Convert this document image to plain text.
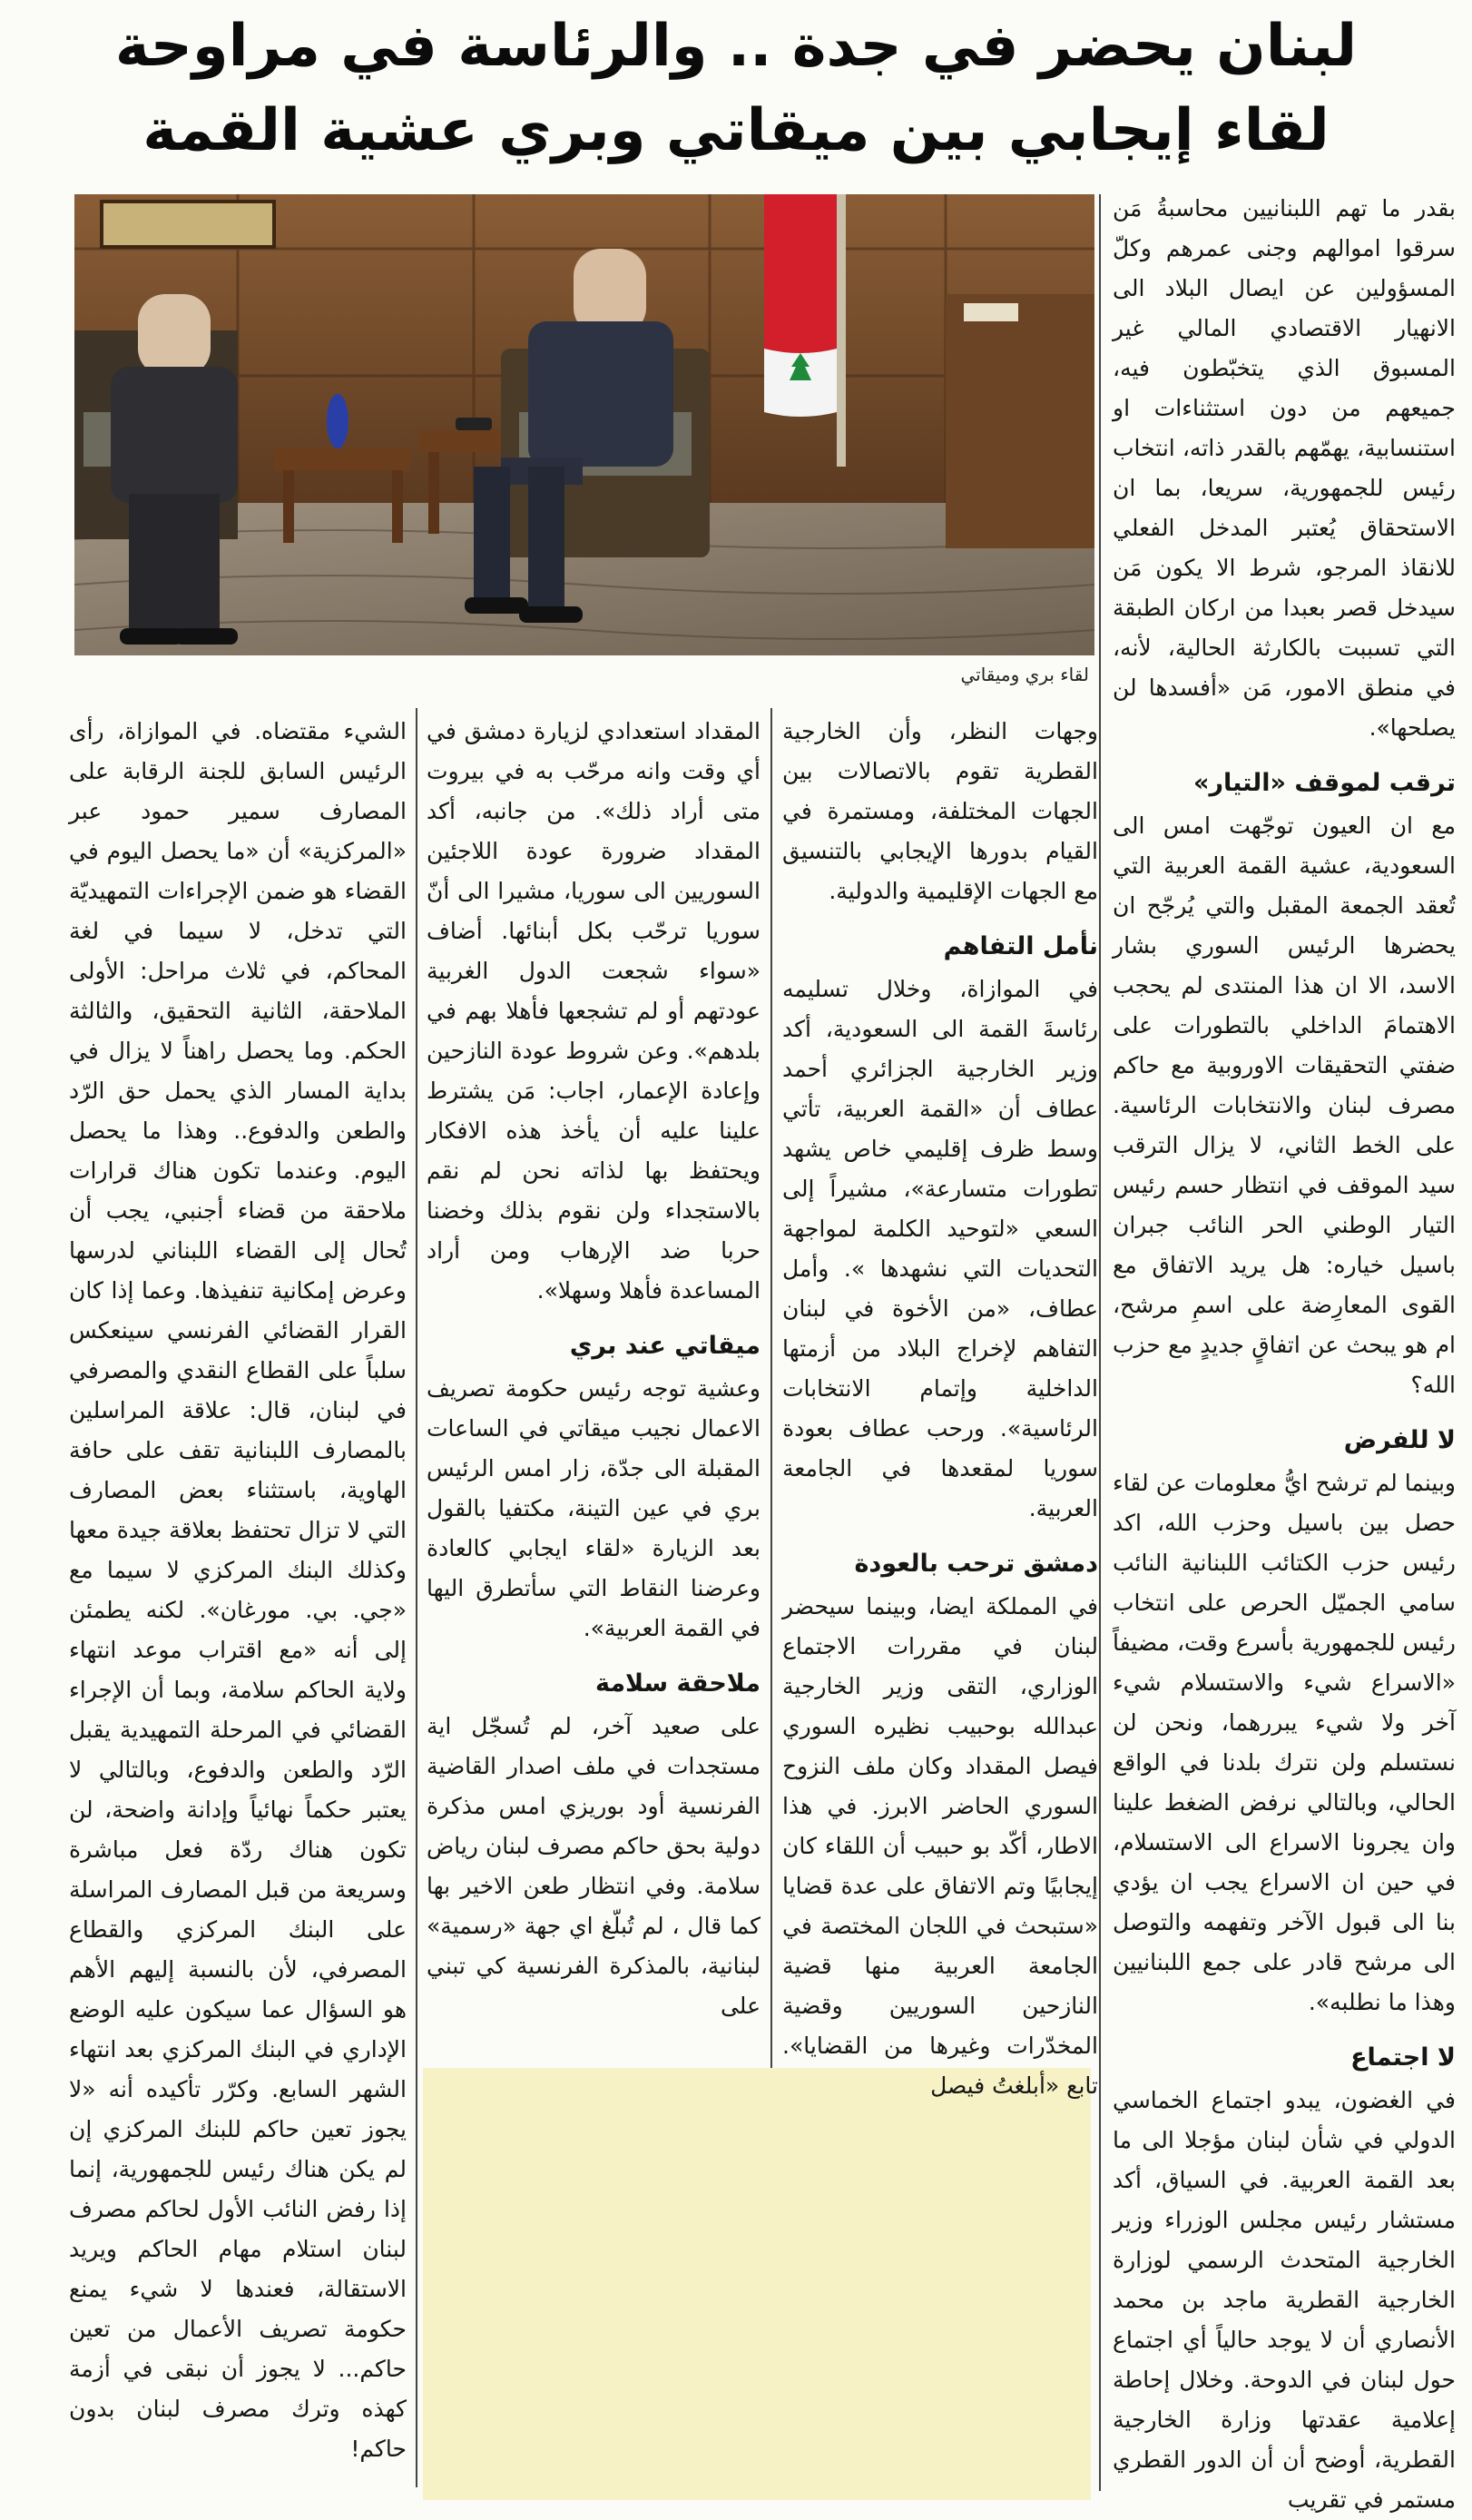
لبنان يحضر في جدة .. والرئاسة في مراوحة
لقاء إيجابي بين ميقاتي وبري عشية القمة
لقاء بري وميقاتي

بقدر ما تهم اللبنانيين محاسبةُ مَن سرقوا اموالهم وجنى عمرهم وكلّ المسؤولين عن ايصال البلاد الى الانهيار الاقتصادي المالي غير المسبوق الذي يتخبّطون فيه، جميعهم من دون استثناءات او استنسابية، يهمّهم بالقدر ذاته، انتخاب رئيس للجمهورية، سريعا، بما ان الاستحقاق يُعتبر المدخل الفعلي للانقاذ المرجو، شرط الا يكون مَن سيدخل قصر بعبدا من اركان الطبقة التي تسببت بالكارثة الحالية، لأنه، في منطق الامور، مَن «أفسدها لن يصلحها».

ترقب لموقف «التيار»

مع ان العيون توجّهت امس الى السعودية، عشية القمة العربية التي تُعقد الجمعة المقبل والتي يُرجّح ان يحضرها الرئيس السوري بشار الاسد، الا ان هذا المنتدى لم يحجب الاهتمامَ الداخلي بالتطورات على ضفتي التحقيقات الاوروبية مع حاكم مصرف لبنان والانتخابات الرئاسية. على الخط الثاني، لا يزال الترقب سيد الموقف في انتظار حسم رئيس التيار الوطني الحر النائب جبران باسيل خياره: هل يريد الاتفاق مع القوى المعارِضة على اسمِ مرشح، ام هو يبحث عن اتفاقٍ جديدٍ مع حزب الله؟

لا للفرض

وبينما لم ترشح ايُّ معلومات عن لقاء حصل بين باسيل وحزب الله، اكد رئيس حزب الكتائب اللبنانية النائب سامي الجميّل الحرص على انتخاب رئيس للجمهورية بأسرع وقت، مضيفاً «الاسراع شيء والاستسلام شيء آخر ولا شيء يبررهما، ونحن لن نستسلم ولن نترك بلدنا في الواقع الحالي، وبالتالي نرفض الضغط علينا وان يجرونا الاسراع الى الاستسلام، في حين ان الاسراع يجب ان يؤدي بنا الى قبول الآخر وتفهمه والتوصل الى مرشح قادر على جمع اللبنانيين وهذا ما نطلبه».

لا اجتماع

في الغضون، يبدو اجتماع الخماسي الدولي في شأن لبنان مؤجلا الى ما بعد القمة العربية. في السياق، أكد مستشار رئيس مجلس الوزراء وزير الخارجية المتحدث الرسمي لوزارة الخارجية القطرية ماجد بن محمد الأنصاري أن لا يوجد حالياً أي اجتماع حول لبنان في الدوحة. وخلال إحاطة إعلامية عقدتها وزارة الخارجية القطرية، أوضح أن أن الدور القطري مستمر في تقريب

وجهات النظر، وأن الخارجية القطرية تقوم بالاتصالات بين الجهات المختلفة، ومستمرة في القيام بدورها الإيجابي بالتنسيق مع الجهات الإقليمية والدولية.

نأمل التفاهم

في الموازاة، وخلال تسليمه رئاسةَ القمة الى السعودية، أكد وزير الخارجية الجزائري أحمد عطاف أن «القمة العربية، تأتي وسط ظرف إقليمي خاص يشهد تطورات متسارعة»، مشيراً إلى السعي «لتوحيد الكلمة لمواجهة التحديات التي نشهدها ». وأمل عطاف، «من الأخوة في لبنان التفاهم لإخراج البلاد من أزمتها الداخلية وإتمام الانتخابات الرئاسية». ورحب عطاف بعودة سوريا لمقعدها في الجامعة العربية.

دمشق ترحب بالعودة

في المملكة ايضا، وبينما سيحضر لبنان في مقررات الاجتماع الوزاري، التقى وزير الخارجية عبدالله بوحبيب نظيره السوري فيصل المقداد وكان ملف النزوح السوري الحاضر الابرز. في هذا الاطار، أكّد بو حبيب أن اللقاء كان إيجابيًا وتم الاتفاق على عدة قضايا «ستبحث في اللجان المختصة في الجامعة العربية منها قضية النازحين السوريين وقضية المخدّرات وغيرها من القضايا». تابع «أبلغتُ فيصل

المقداد استعدادي لزيارة دمشق في أي وقت وانه مرحّب به في بيروت متى أراد ذلك». من جانبه، أكد المقداد ضرورة عودة اللاجئين السوريين الى سوريا، مشيرا الى أنّ سوريا ترحّب بكل أبنائها. أضاف «سواء شجعت الدول الغربية عودتهم أو لم تشجعها فأهلا بهم في بلدهم». وعن شروط عودة النازحين وإعادة الإعمار، اجاب: مَن يشترط علينا عليه أن يأخذ هذه الافكار ويحتفظ بها لذاته نحن لم نقم بالاستجداء ولن نقوم بذلك وخضنا حربا ضد الإرهاب ومن أراد المساعدة فأهلا وسهلا».

ميقاتي عند بري

وعشية توجه رئيس حكومة تصريف الاعمال نجيب ميقاتي في الساعات المقبلة الى جدّة، زار امس الرئيس بري في عين التينة، مكتفيا بالقول بعد الزيارة «لقاء ايجابي كالعادة وعرضنا النقاط التي سأتطرق اليها في القمة العربية».

ملاحقة سلامة

على صعيد آخر، لم تُسجّل اية مستجدات في ملف اصدار القاضية الفرنسية أود بوريزي امس مذكرة دولية بحق حاكم مصرف لبنان رياض سلامة. وفي انتظار طعن الاخير بها كما قال ، لم تُبلّغ اي جهة «رسمية» لبنانية، بالمذكرة الفرنسية كي تبني على

الشيء مقتضاه. في الموازاة، رأى الرئيس السابق للجنة الرقابة على المصارف سمير حمود عبر «المركزية» أن «ما يحصل اليوم في القضاء هو ضمن الإجراءات التمهيديّة التي تدخل، لا سيما في لغة المحاكم، في ثلاث مراحل: الأولى الملاحقة، الثانية التحقيق، والثالثة الحكم. وما يحصل راهناً لا يزال في بداية المسار الذي يحمل حق الرّد والطعن والدفوع.. وهذا ما يحصل اليوم. وعندما تكون هناك قرارات ملاحقة من قضاء أجنبي، يجب أن تُحال إلى القضاء اللبناني لدرسها وعرض إمكانية تنفيذها. وعما إذا كان القرار القضائي الفرنسي سينعكس سلباً على القطاع النقدي والمصرفي في لبنان، قال: علاقة المراسلين بالمصارف اللبنانية تقف على حافة الهاوية، باستثناء بعض المصارف التي لا تزال تحتفظ بعلاقة جيدة معها وكذلك البنك المركزي لا سيما مع «جي. بي. مورغان». لكنه يطمئن إلى أنه «مع اقتراب موعد انتهاء ولاية الحاكم سلامة، وبما أن الإجراء القضائي في المرحلة التمهيدية يقبل الرّد والطعن والدفوع، وبالتالي لا يعتبر حكماً نهائياً وإدانة واضحة، لن تكون هناك ردّة فعل مباشرة وسريعة من قبل المصارف المراسلة على البنك المركزي والقطاع المصرفي، لأن بالنسبة إليهم الأهم هو السؤال عما سيكون عليه الوضع الإداري في البنك المركزي بعد انتهاء الشهر السابع. وكرّر تأكيده أنه «لا يجوز تعين حاكم للبنك المركزي إن لم يكن هناك رئيس للجمهورية، إنما إذا رفض النائب الأول لحاكم مصرف لبنان استلام مهام الحاكم ويريد الاستقالة، فعندها لا شيء يمنع حكومة تصريف الأعمال من تعين حاكم... لا يجوز أن نبقى في أزمة كهذه وترك مصرف لبنان بدون حاكم!
